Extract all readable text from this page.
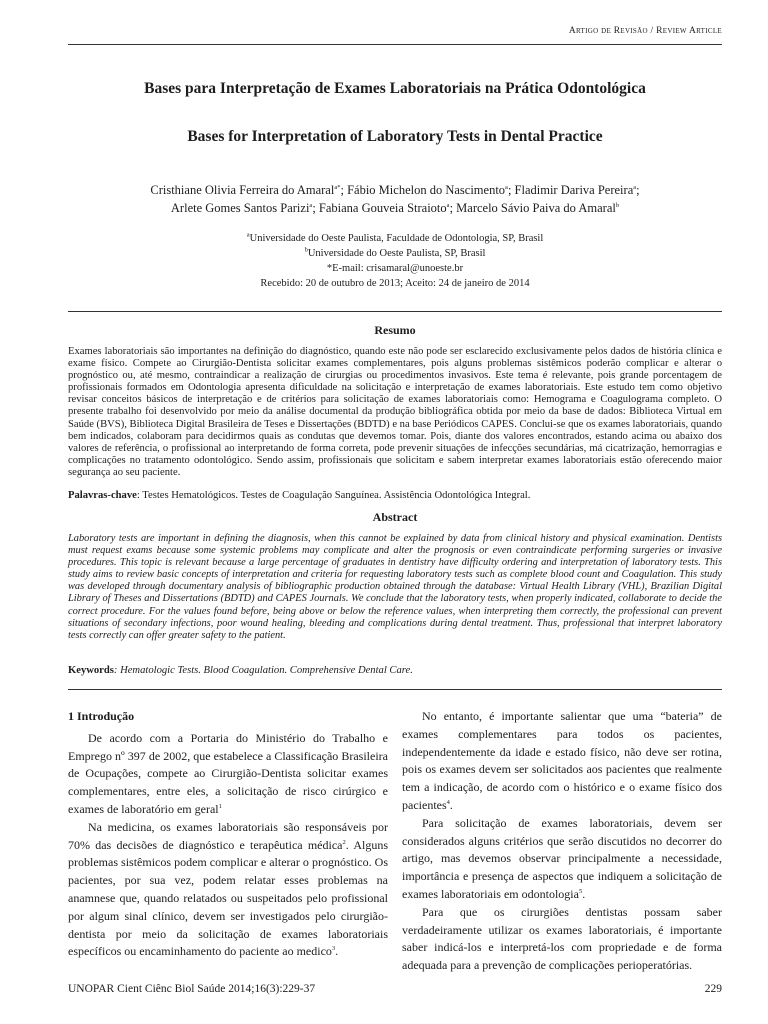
Artigo de Revisão / Review Article
Bases para Interpretação de Exames Laboratoriais na Prática Odontológica
Bases for Interpretation of Laboratory Tests in Dental Practice
Cristhiane Olivia Ferreira do Amaral$^{a*}$; Fábio Michelon do Nascimento$^a$; Fladimir Dariva Pereira$^a$;
Arlete Gomes Santos Parizi$^a$; Fabiana Gouveia Straioto$^a$; Marcelo Sávio Paiva do Amaral$^b$
$^a$Universidade do Oeste Paulista, Faculdade de Odontologia, SP, Brasil
$^b$Universidade do Oeste Paulista, SP, Brasil
*E-mail: crisamaral@unoeste.br
Recebido: 20 de outubro de 2013; Aceito: 24 de janeiro de 2014
Resumo
Exames laboratoriais são importantes na definição do diagnóstico, quando este não pode ser esclarecido exclusivamente pelos dados de história clínica e exame físico. Compete ao Cirurgião-Dentista solicitar exames complementares, pois alguns problemas sistêmicos poderão complicar e alterar o prognóstico ou, até mesmo, contraindicar a realização de cirurgias ou procedimentos invasivos. Este tema é relevante, pois grande porcentagem de profissionais formados em Odontologia apresenta dificuldade na solicitação e interpretação de exames laboratoriais. Este estudo tem como objetivo revisar conceitos básicos de interpretação e de critérios para solicitação de exames laboratoriais como: Hemograma e Coagulograma completo. O presente trabalho foi desenvolvido por meio da análise documental da produção bibliográfica obtida por meio da base de dados: Biblioteca Virtual em Saúde (BVS), Biblioteca Digital Brasileira de Teses e Dissertações (BDTD) e na base Periódicos CAPES. Conclui-se que os exames laboratoriais, quando bem indicados, colaboram para decidirmos quais as condutas que devemos tomar. Pois, diante dos valores encontrados, estando acima ou abaixo dos valores de referência, o profissional ao interpretando de forma correta, pode prevenir situações de infecções secundárias, má cicatrização, hemorragias e complicações no tratamento odontológico. Sendo assim, profissionais que solicitam e sabem interpretar exames laboratoriais estão oferecendo maior segurança ao seu paciente.
Palavras-chave: Testes Hematológicos. Testes de Coagulação Sanguínea. Assistência Odontológica Integral.
Abstract
Laboratory tests are important in defining the diagnosis, when this cannot be explained by data from clinical history and physical examination. Dentists must request exams because some systemic problems may complicate and alter the prognosis or even contraindicate performing surgeries or invasive procedures. This topic is relevant because a large percentage of graduates in dentistry have difficulty ordering and interpretation of laboratory tests. This study aims to review basic concepts of interpretation and criteria for requesting laboratory tests such as complete blood count and Coagulation. This study was developed through documentary analysis of bibliographic production obtained through the database: Virtual Health Library (VHL), Brazilian Digital Library of Theses and Dissertations (BDTD) and CAPES Journals. We conclude that the laboratory tests, when properly indicated, collaborate to decide the correct procedure. For the values found before, being above or below the reference values, when interpreting them correctly, the professional can prevent situations of secondary infections, poor wound healing, bleeding and complications during dental treatment. Thus, professional that interpret laboratory tests correctly can offer greater safety to the patient.
Keywords: Hematologic Tests. Blood Coagulation. Comprehensive Dental Care.

1 Introdução

De acordo com a Portaria do Ministério do Trabalho e Emprego nº 397 de 2002, que estabelece a Classificação Brasileira de Ocupações, compete ao Cirurgião-Dentista solicitar exames complementares, entre eles, a solicitação de risco cirúrgico e exames de laboratório em geral$^1$

Na medicina, os exames laboratoriais são responsáveis por 70% das decisões de diagnóstico e terapêutica médica$^2$. Alguns problemas sistêmicos podem complicar e alterar o prognóstico. Os pacientes, por sua vez, podem relatar esses problemas na anamnese que, quando relatados ou suspeitados pelo profissional por algum sinal clínico, devem ser investigados pelo cirurgião-dentista por meio da solicitação de exames laboratoriais específicos ou encaminhamento do paciente ao medico$^3$.

No entanto, é importante salientar que uma “bateria” de exames complementares para todos os pacientes, independentemente da idade e estado físico, não deve ser rotina, pois os exames devem ser solicitados aos pacientes que realmente tem a indicação, de acordo com o histórico e o exame físico dos pacientes$^4$.

Para solicitação de exames laboratoriais, devem ser considerados alguns critérios que serão discutidos no decorrer do artigo, mas devemos observar principalmente a necessidade, importância e presença de aspectos que indiquem a solicitação de exames laboratoriais em odontologia$^5$.

Para que os cirurgiões dentistas possam saber verdadeiramente utilizar os exames laboratoriais, é importante saber indicá-los e interpretá-los com propriedade e de forma adequada para a prevenção de complicações perioperatórias.

UNOPAR Cient Ciênc Biol Saúde 2014;16(3):229-37	229
